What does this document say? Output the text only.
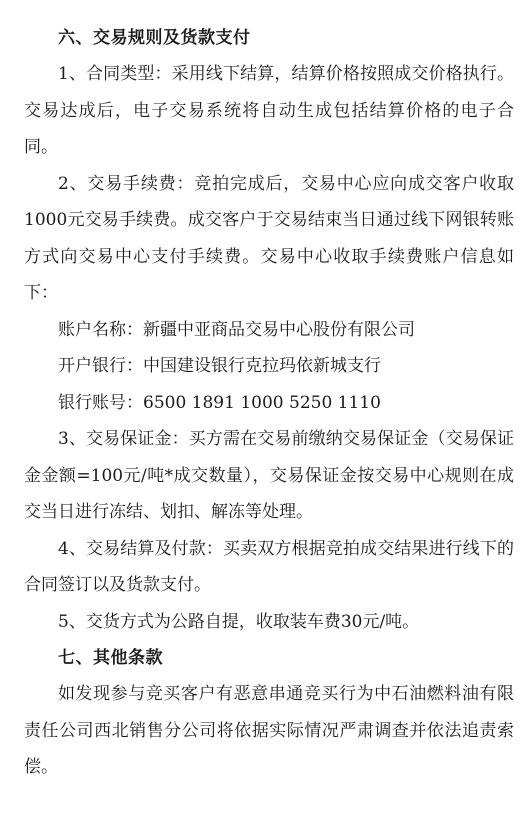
六、交易规则及货款支付

1、合同类型：采用线下结算，结算价格按照成交价格执行。交易达成后，电子交易系统将自动生成包括结算价格的电子合同。

2、交易手续费：竞拍完成后，交易中心应向成交客户收取1000元交易手续费。成交客户于交易结束当日通过线下网银转账方式向交易中心支付手续费。交易中心收取手续费账户信息如下：

账户名称：新疆中亚商品交易中心股份有限公司
开户银行：中国建设银行克拉玛依新城支行
银行账号：6500 1891 1000 5250 1110

3、交易保证金：买方需在交易前缴纳交易保证金（交易保证金金额=100元/吨*成交数量），交易保证金按交易中心规则在成交当日进行冻结、划扣、解冻等处理。

4、交易结算及付款：买卖双方根据竞拍成交结果进行线下的合同签订以及货款支付。

5、交货方式为公路自提，收取装车费30元/吨。

七、其他条款

如发现参与竞买客户有恶意串通竞买行为中石油燃料油有限责任公司西北销售分公司将依据实际情况严肃调查并依法追责索偿。
